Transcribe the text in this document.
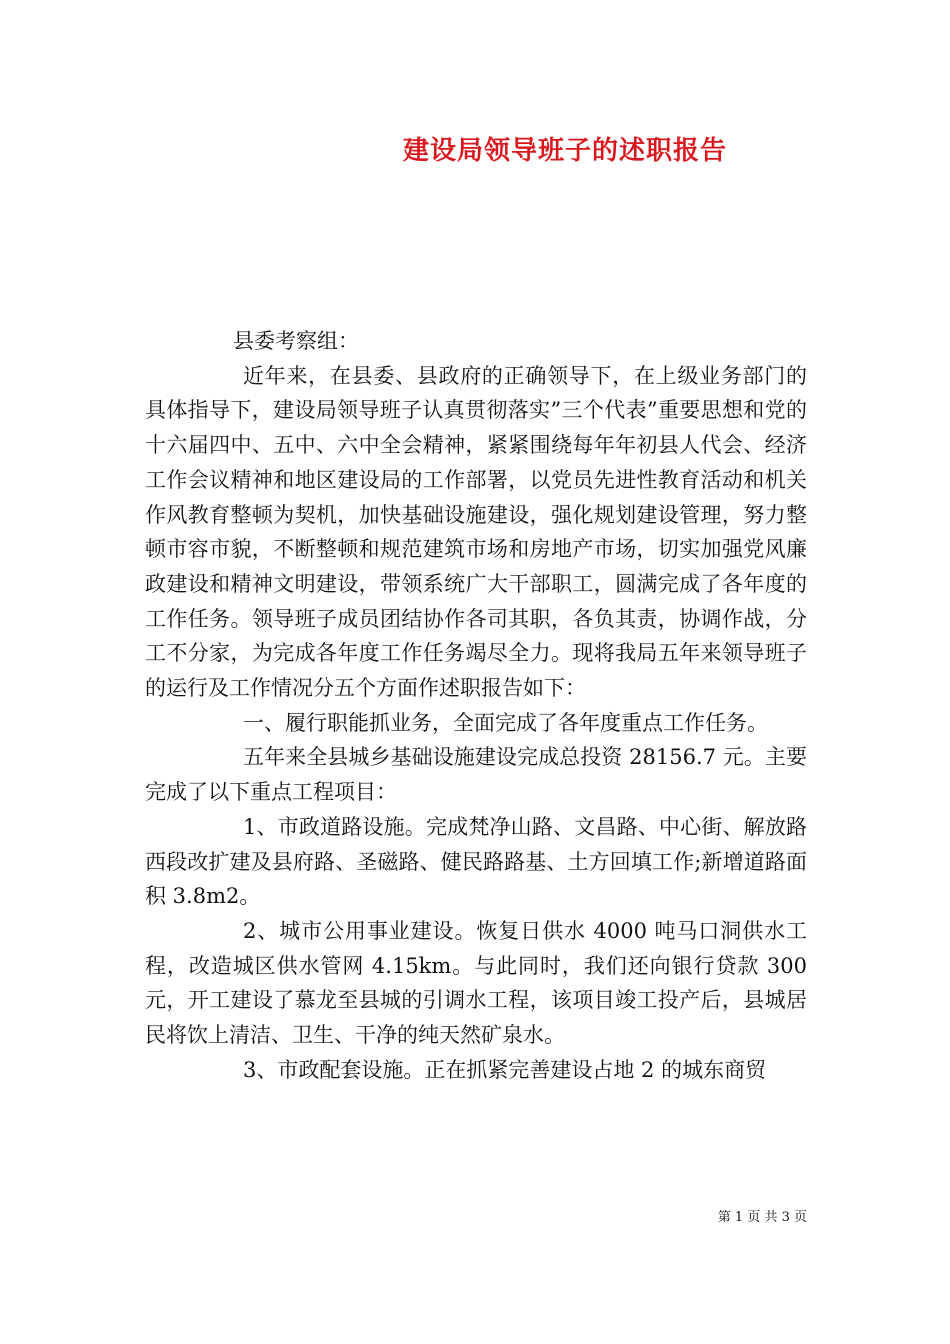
建设局领导班子的述职报告

县委考察组：

近年来，在县委、县政府的正确领导下，在上级业务部门的具体指导下，建设局领导班子认真贯彻落实”三个代表”重要思想和党的十六届四中、五中、六中全会精神，紧紧围绕每年年初县人代会、经济工作会议精神和地区建设局的工作部署，以党员先进性教育活动和机关作风教育整顿为契机，加快基础设施建设，强化规划建设管理，努力整顿市容市貌，不断整顿和规范建筑市场和房地产市场，切实加强党风廉政建设和精神文明建设，带领系统广大干部职工，圆满完成了各年度的工作任务。领导班子成员团结协作各司其职，各负其责，协调作战，分工不分家，为完成各年度工作任务竭尽全力。现将我局五年来领导班子的运行及工作情况分五个方面作述职报告如下：

一、履行职能抓业务，全面完成了各年度重点工作任务。

五年来全县城乡基础设施建设完成总投资 28156.7 元。主要完成了以下重点工程项目：

1、市政道路设施。完成梵净山路、文昌路、中心街、解放路西段改扩建及县府路、圣磁路、健民路路基、土方回填工作;新增道路面积 3.8m2。

2、城市公用事业建设。恢复日供水 4000 吨马口洞供水工程，改造城区供水管网 4.15km。与此同时，我们还向银行贷款 300 元，开工建设了慕龙至县城的引调水工程，该项目竣工投产后，县城居民将饮上清洁、卫生、干净的纯天然矿泉水。

3、市政配套设施。正在抓紧完善建设占地 2 的城东商贸

第 1 页 共 3 页
